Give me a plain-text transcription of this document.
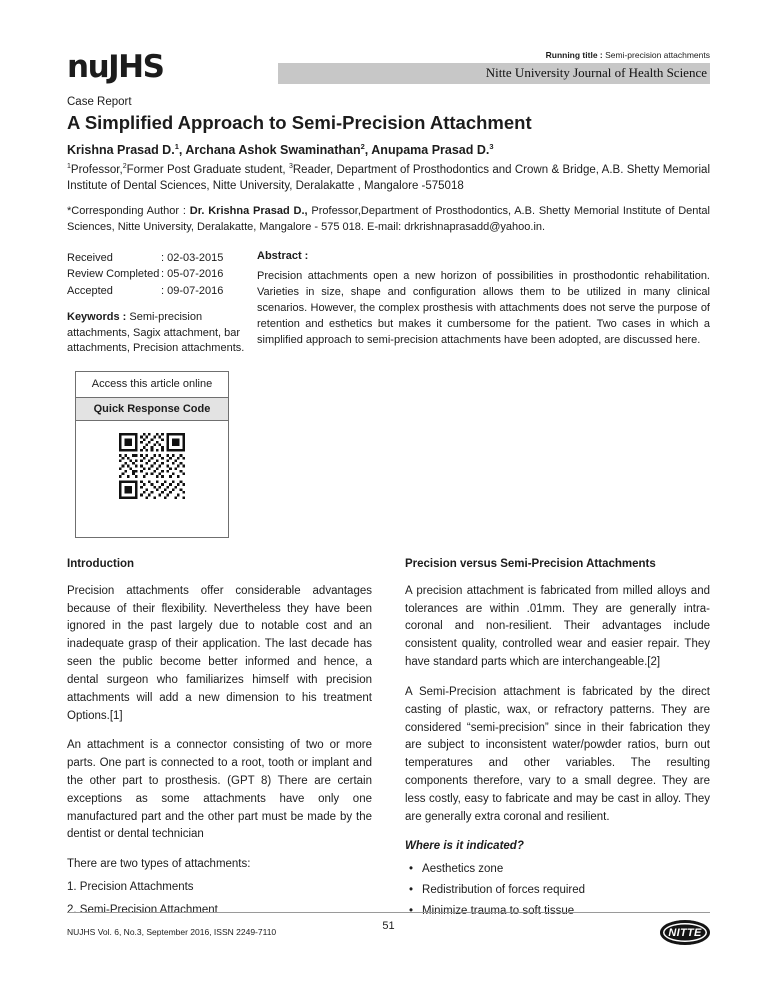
nuJHS	Running title : Semi-precision attachments
Nitte University Journal of Health Science
Case Report
A Simplified Approach to Semi-Precision Attachment
Krishna Prasad D.$^1$, Archana Ashok Swaminathan$^2$, Anupama Prasad D.$^3$

$^1$Professor,$^2$Former Post Graduate student, $^3$Reader, Department of Prosthodontics and Crown & Bridge, A.B. Shetty Memorial Institute of Dental Sciences, Nitte University, Deralakatte , Mangalore -575018

*Corresponding Author : Dr. Krishna Prasad D., Professor,Department of Prosthodontics, A.B. Shetty Memorial Institute of Dental Sciences, Nitte University, Deralakatte, Mangalore - 575 018. E-mail: drkrishnaprasadd@yahoo.in.

Received	: 02-03-2015
Review Completed : 05-07-2016
Accepted	: 09-07-2016
Keywords : Semi-precision attachments, Sagix attachment, bar attachments, Precision attachments.
Access this article online
Quick Response Code
Abstract :
Precision attachments open a new horizon of possibilities in prosthodontic rehabilitation. Varieties in size, shape and configuration allows them to be utilized in many clinical scenarios. However, the complex prosthesis with attachments does not serve the purpose of retention and esthetics but makes it cumbersome for the patient. Two cases in which a simplified approach to semi-precision attachments have been adopted, are discussed here.
Introduction

Precision attachments offer considerable advantages because of their flexibility. Nevertheless they have been ignored in the past largely due to notable cost and an inadequate grasp of their application. The last decade has seen the public become better informed and hence, a dental surgeon who familiarizes himself with precision attachments will add a new dimension to his treatment Options.[1]

An attachment is a connector consisting of two or more parts. One part is connected to a root, tooth or implant and the other part to prosthesis. (GPT 8) There are certain exceptions as some attachments have only one manufactured part and the other part must be made by the dentist or dental technician

There are two types of attachments:
1. Precision Attachments
2. Semi-Precision Attachment
Precision versus Semi-Precision Attachments

A precision attachment is fabricated from milled alloys and tolerances are within .01mm. They are generally intra-coronal and non-resilient. Their advantages include consistent quality, controlled wear and easier repair. They have standard parts which are interchangeable.[2]

A Semi-Precision attachment is fabricated by the direct casting of plastic, wax, or refractory patterns. They are considered “semi-precision” since in their fabrication they are subject to inconsistent water/powder ratios, burn out temperatures and other variables. The resulting components therefore, vary to a small degree. They are less costly, easy to fabricate and may be cast in alloy. They are generally extra coronal and resilient.

Where is it indicated?
• Aesthetics zone
• Redistribution of forces required
• Minimize trauma to soft tissue
NUJHS Vol. 6, No.3, September 2016, ISSN 2249-7110	51
NITTE
